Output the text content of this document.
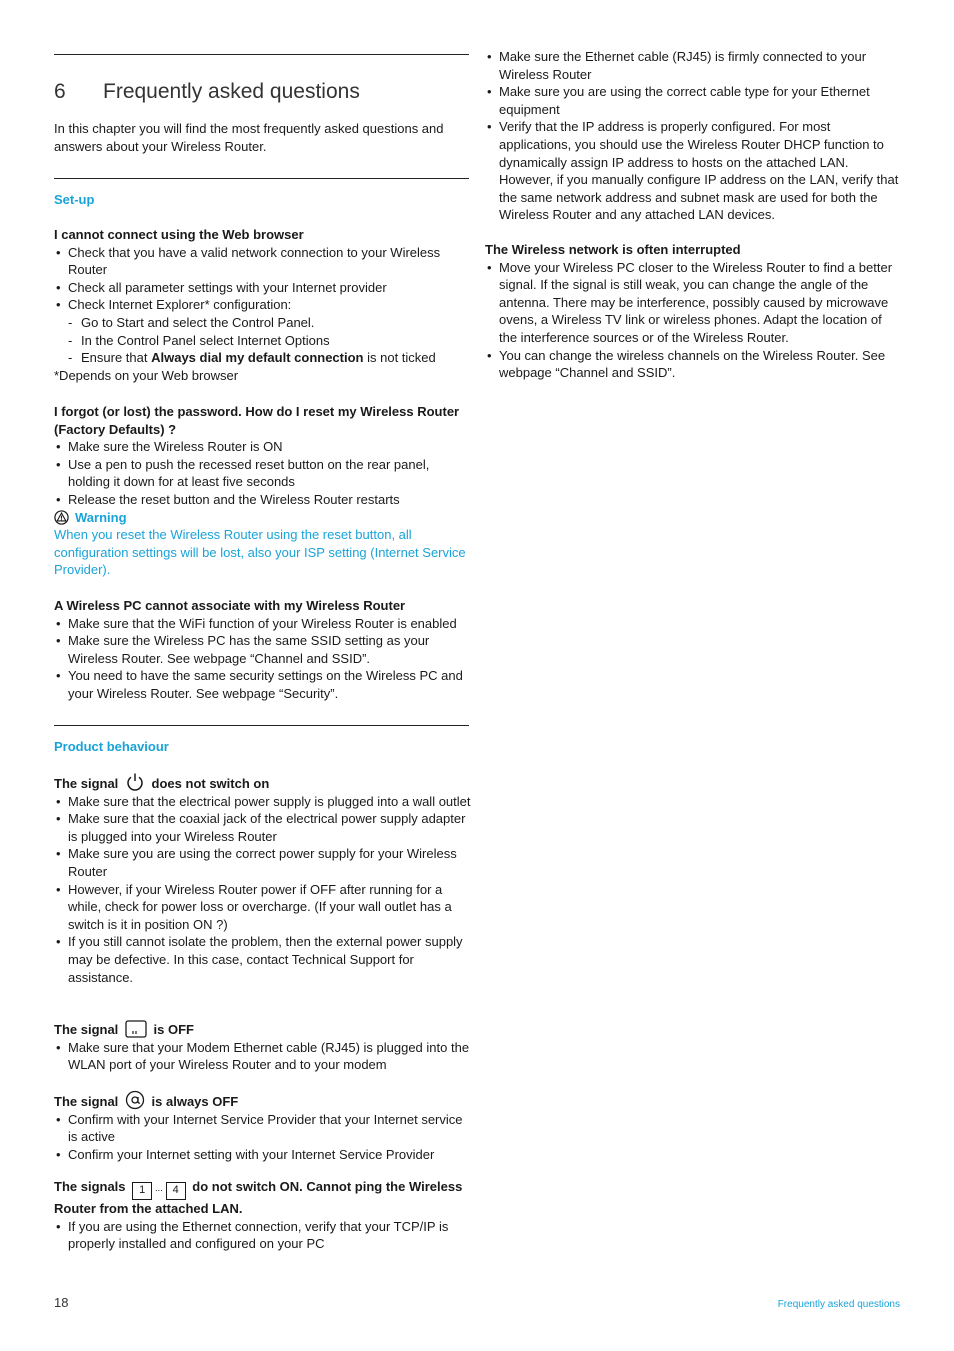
6 Frequently asked questions

In this chapter you will find the most frequently asked questions and answers about your Wireless Router.

Set-up

I cannot connect using the Web browser

• Check that you have a valid network connection to your Wireless Router
• Check all parameter settings with your Internet provider
• Check Internet Explorer* configuration:
- Go to Start and select the Control Panel.
- In the Control Panel select Internet Options
- Ensure that Always dial my default connection is not ticked

*Depends on your Web browser

I forgot (or lost) the password. How do I reset my Wireless Router (Factory Defaults) ?

• Make sure the Wireless Router is ON
• Use a pen to push the recessed reset button on the rear panel, holding it down for at least five seconds
• Release the reset button and the Wireless Router restarts
Warning

When you reset the Wireless Router using the reset button, all configuration settings will be lost, also your ISP setting (Internet Service Provider).

A Wireless PC cannot associate with my Wireless Router

• Make sure that the WiFi function of your Wireless Router is enabled
• Make sure the Wireless PC has the same SSID setting as your Wireless Router. See webpage “Channel and SSID”.
• You need to have the same security settings on the Wireless PC and your Wireless Router. See webpage “Security”.

Product behaviour

The signal	does not switch on

• Make sure that the electrical power supply is plugged into a wall outlet
• Make sure that the coaxial jack of the electrical power supply adapter is plugged into your Wireless Router
• Make sure you are using the correct power supply for your Wireless Router
• However, if your Wireless Router power if OFF after running for a while, check for power loss or overcharge. (If your wall outlet has a switch is it in position ON ?)
• If you still cannot isolate the problem, then the external power supply may be defective. In this case, contact Technical Support for assistance.

The signal	is OFF

• Make sure that your Modem Ethernet cable (RJ45) is plugged into the WLAN port of your Wireless Router and to your modem

The signal	is always OFF

• Confirm with your Internet Service Provider that your Internet service is active
• Confirm your Internet setting with your Internet Service Provider

The signals 1 ... 4 do not switch ON. Cannot ping the Wireless Router from the attached LAN.

• If you are using the Ethernet connection, verify that your TCP/IP is properly installed and configured on your PC
• Make sure the Ethernet cable (RJ45) is firmly connected to your Wireless Router
• Make sure you are using the correct cable type for your Ethernet equipment
• Verify that the IP address is properly configured. For most applications, you should use the Wireless Router DHCP function to dynamically assign IP address to hosts on the attached LAN. However, if you manually configure IP address on the LAN, verify that the same network address and subnet mask are used for both the Wireless Router and any attached LAN devices.

The Wireless network is often interrupted

• Move your Wireless PC closer to the Wireless Router to find a better signal. If the signal is still weak, you can change the angle of the antenna. There may be interference, possibly caused by microwave ovens, a Wireless TV link or wireless phones. Adapt the location of the interference sources or of the Wireless Router.
• You can change the wireless channels on the Wireless Router. See webpage “Channel and SSID”.
18	Frequently asked questions
